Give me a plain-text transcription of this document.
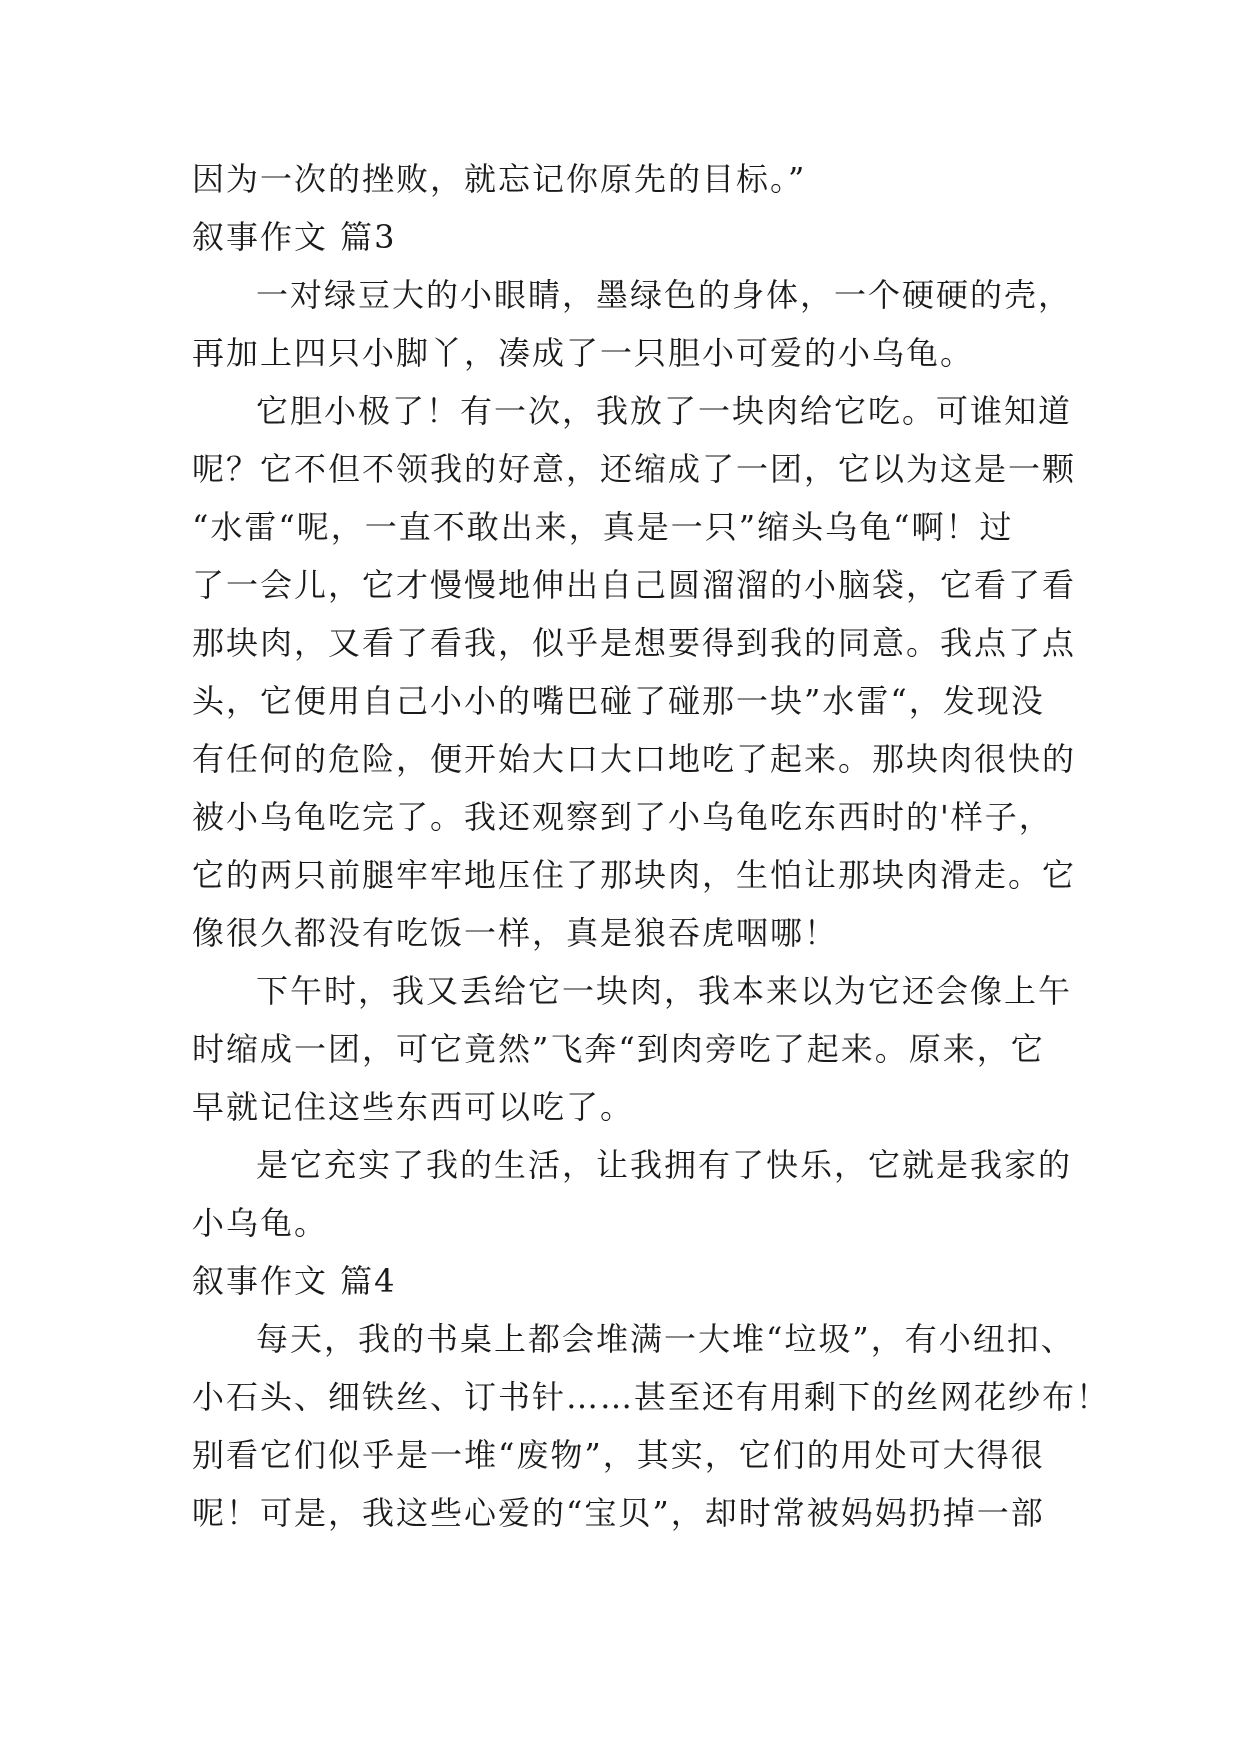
因为一次的挫败，就忘记你原先的目标。”
叙事作文 篇3
一对绿豆大的小眼睛，墨绿色的身体，一个硬硬的壳，
再加上四只小脚丫，凑成了一只胆小可爱的小乌龟。
它胆小极了！有一次，我放了一块肉给它吃。可谁知道
呢？它不但不领我的好意，还缩成了一团，它以为这是一颗
“水雷“呢，一直不敢出来，真是一只”缩头乌龟“啊！过
了一会儿，它才慢慢地伸出自己圆溜溜的小脑袋，它看了看
那块肉，又看了看我，似乎是想要得到我的同意。我点了点
头，它便用自己小小的嘴巴碰了碰那一块”水雷“，发现没
有任何的危险，便开始大口大口地吃了起来。那块肉很快的
被小乌龟吃完了。我还观察到了小乌龟吃东西时的'样子，
它的两只前腿牢牢地压住了那块肉，生怕让那块肉滑走。它
像很久都没有吃饭一样，真是狼吞虎咽哪！
下午时，我又丢给它一块肉，我本来以为它还会像上午
时缩成一团，可它竟然”飞奔“到肉旁吃了起来。原来，它
早就记住这些东西可以吃了。
是它充实了我的生活，让我拥有了快乐，它就是我家的
小乌龟。
叙事作文 篇4
每天，我的书桌上都会堆满一大堆“垃圾”，有小纽扣、
小石头、细铁丝、订书针……甚至还有用剩下的丝网花纱布！
别看它们似乎是一堆“废物”，其实，它们的用处可大得很
呢！可是，我这些心爱的“宝贝”，却时常被妈妈扔掉一部
